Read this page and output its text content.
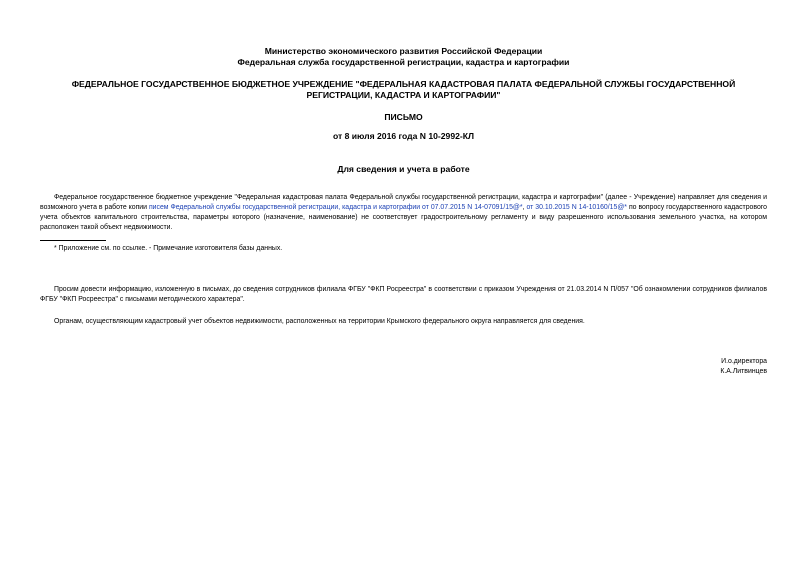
Министерство экономического развития Российской Федерации
Федеральная служба государственной регистрации, кадастра и картографии
ФЕДЕРАЛЬНОЕ ГОСУДАРСТВЕННОЕ БЮДЖЕТНОЕ УЧРЕЖДЕНИЕ "ФЕДЕРАЛЬНАЯ КАДАСТРОВАЯ ПАЛАТА ФЕДЕРАЛЬНОЙ СЛУЖБЫ ГОСУДАРСТВЕННОЙ РЕГИСТРАЦИИ, КАДАСТРА И КАРТОГРАФИИ"
ПИСЬМО
от 8 июля 2016 года N 10-2992-КЛ
Для сведения и учета в работе
Федеральное государственное бюджетное учреждение "Федеральная кадастровая палата Федеральной службы государственной регистрации, кадастра и картографии" (далее - Учреждение) направляет для сведения и возможного учета в работе копии писем Федеральной службы государственной регистрации, кадастра и картографии от 07.07.2015 N 14-07091/15@*, от 30.10.2015 N 14-10160/15@* по вопросу государственного кадастрового учета объектов капитального строительства, параметры которого (назначение, наименование) не соответствует градостроительному регламенту и виду разрешенного использования земельного участка, на котором расположен такой объект недвижимости.
* Приложение см. по ссылке. - Примечание изготовителя базы данных.
Просим довести информацию, изложенную в письмах, до сведения сотрудников филиала ФГБУ "ФКП Росреестра" в соответствии с приказом Учреждения от 21.03.2014 N П/057 "Об ознакомлении сотрудников филиалов ФГБУ "ФКП Росреестра" с письмами методического характера".
Органам, осуществляющим кадастровый учет объектов недвижимости, расположенных на территории Крымского федерального округа направляется для сведения.
И.о.директора
К.А.Литвинцев
